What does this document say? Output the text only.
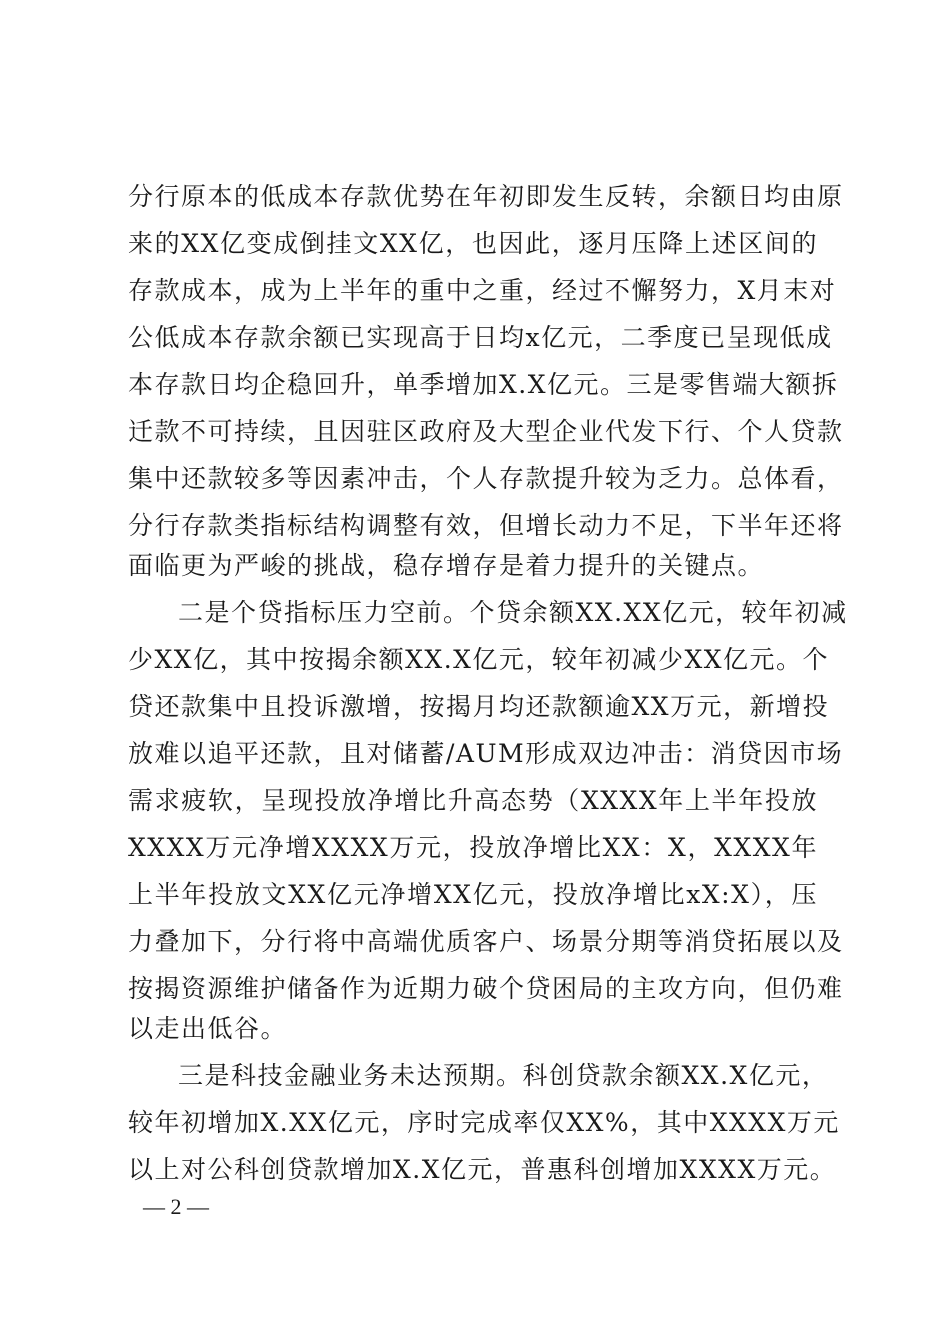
分行原本的低成本存款优势在年初即发生反转，余额日均由原
来的XX亿变成倒挂文XX亿，也因此，逐月压降上述区间的
存款成本，成为上半年的重中之重，经过不懈努力，X月末对
公低成本存款余额已实现高于日均x亿元，二季度已呈现低成
本存款日均企稳回升，单季增加X.X亿元。三是零售端大额拆
迁款不可持续，且因驻区政府及大型企业代发下行、个人贷款
集中还款较多等因素冲击，个人存款提升较为乏力。总体看，
分行存款类指标结构调整有效，但增长动力不足，下半年还将
面临更为严峻的挑战，稳存增存是着力提升的关键点。
二是个贷指标压力空前。个贷余额XX.XX亿元，较年初减
少XX亿，其中按揭余额XX.X亿元，较年初减少XX亿元。个
贷还款集中且投诉激增，按揭月均还款额逾XX万元，新增投
放难以追平还款，且对储蓄/AUM形成双边冲击：消贷因市场
需求疲软，呈现投放净增比升高态势（XXXX年上半年投放
XXXX万元净增XXXX万元，投放净增比XX：X，XXXX年
上半年投放文XX亿元净增XX亿元，投放净增比xX:X），压
力叠加下，分行将中高端优质客户、场景分期等消贷拓展以及
按揭资源维护储备作为近期力破个贷困局的主攻方向，但仍难
以走出低谷。
三是科技金融业务未达预期。科创贷款余额XX.X亿元，
较年初增加X.XX亿元，序时完成率仅XX%，其中XXXX万元
以上对公科创贷款增加X.X亿元，普惠科创增加XXXX万元。
— 2 —
